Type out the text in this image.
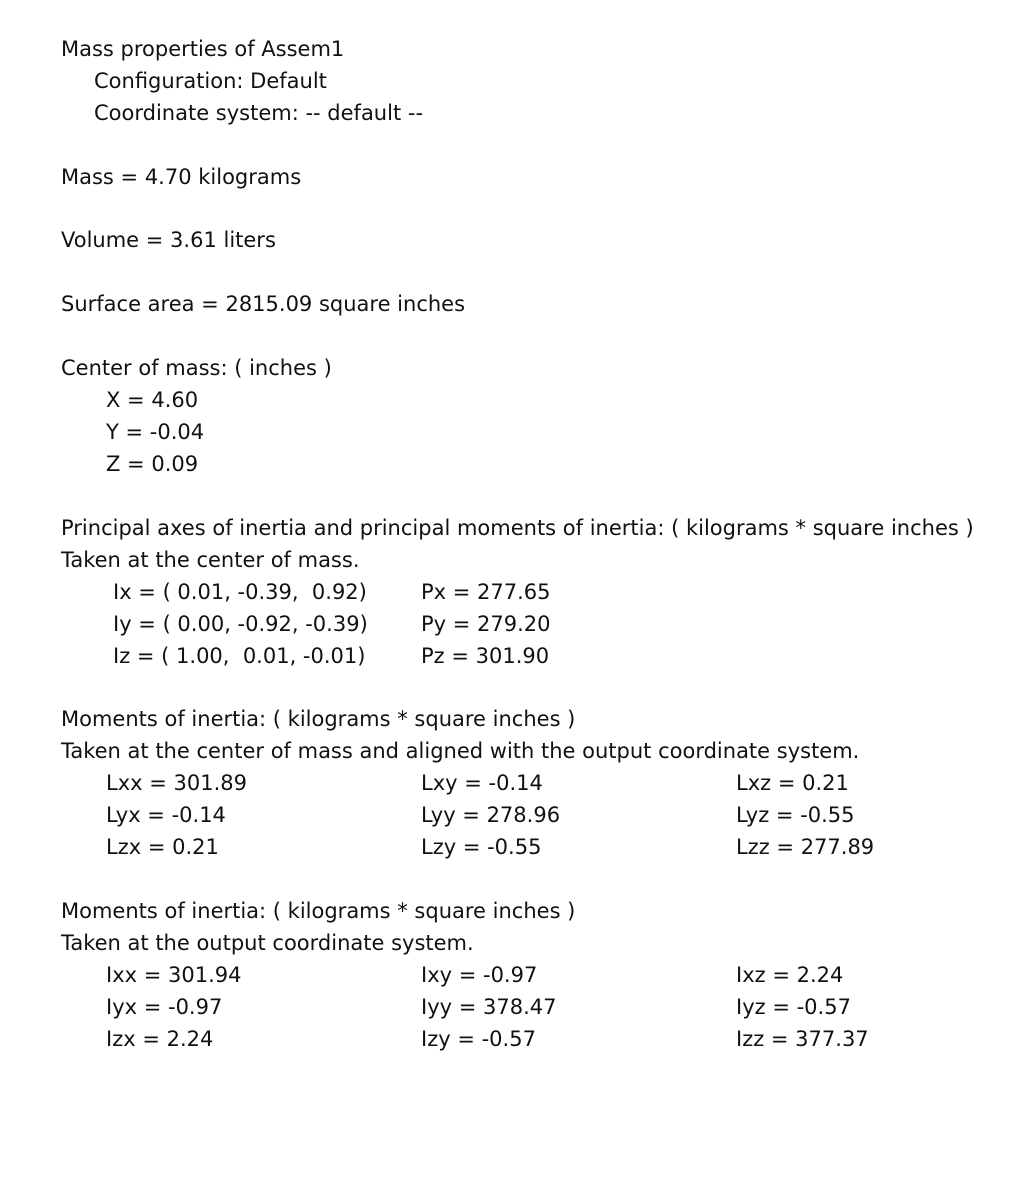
Mass properties of Assem1
Configuration: Default
Coordinate system: -- default --
Mass = 4.70 kilograms
Volume = 3.61 liters
Surface area = 2815.09 square inches
Center of mass: ( inches )
X = 4.60
Y = -0.04
Z = 0.09
Principal axes of inertia and principal moments of inertia: ( kilograms * square inches )
Taken at the center of mass.
Ix = ( 0.01, -0.39,  0.92)	Px = 277.65
Iy = ( 0.00, -0.92, -0.39)	Py = 279.20
Iz = ( 1.00,  0.01, -0.01)	Pz = 301.90
Moments of inertia: ( kilograms * square inches )
Taken at the center of mass and aligned with the output coordinate system.
Lxx = 301.89	Lxy = -0.14	Lxz = 0.21
Lyx = -0.14	Lyy = 278.96	Lyz = -0.55
Lzx = 0.21	Lzy = -0.55	Lzz = 277.89
Moments of inertia: ( kilograms * square inches )
Taken at the output coordinate system.
Ixx = 301.94	Ixy = -0.97	Ixz = 2.24
Iyx = -0.97	Iyy = 378.47	Iyz = -0.57
Izx = 2.24	Izy = -0.57	Izz = 377.37
